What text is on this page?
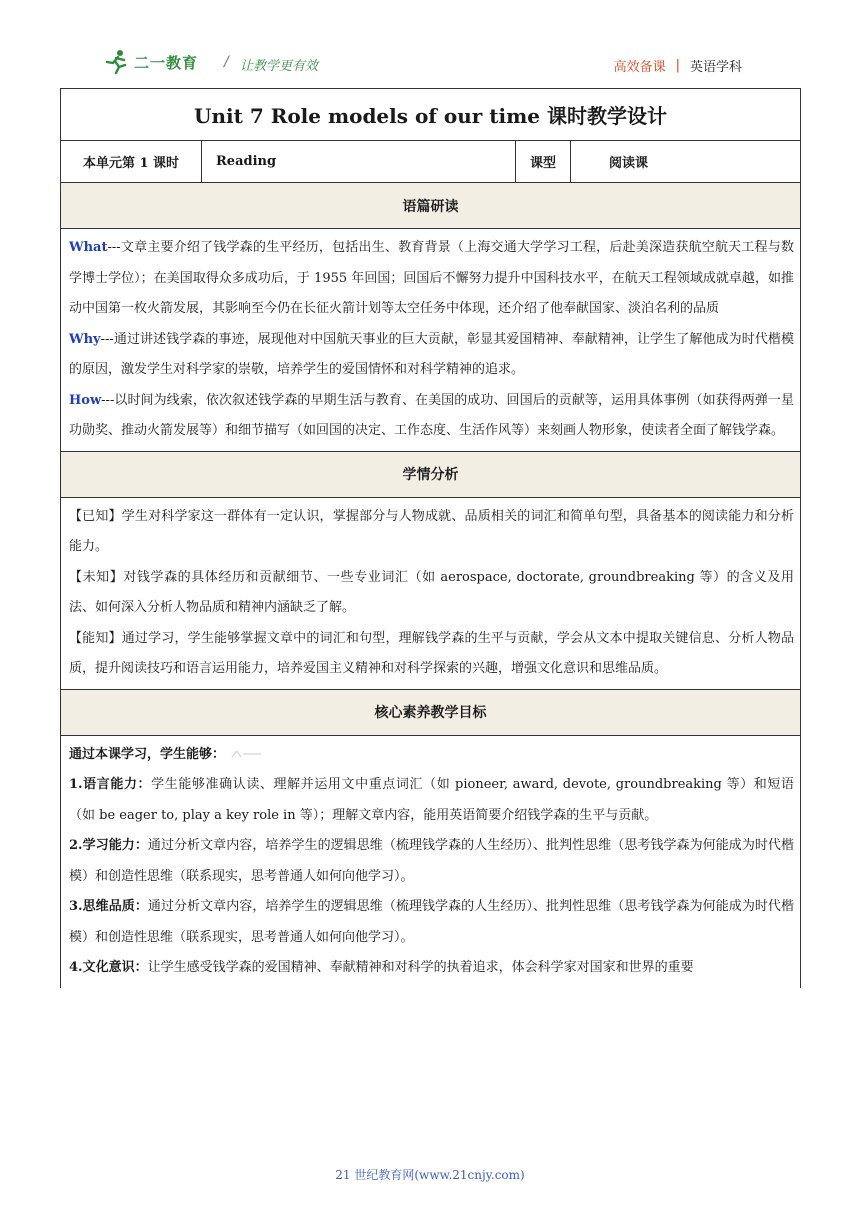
二一教育 / 让教学更有效	高效备课 | 英语学科
Unit 7 Role models of our time 课时教学设计
本单元第 1 课时	Reading	课型	阅读课
语篇研读

What---文章主要介绍了钱学森的生平经历，包括出生、教育背景（上海交通大学学习工程，后赴美深造获航空航天工程与数学博士学位）；在美国取得众多成功后，于 1955 年回国；回国后不懈努力提升中国科技水平，在航天工程领域成就卓越，如推动中国第一枚火箭发展，其影响至今仍在长征火箭计划等太空任务中体现，还介绍了他奉献国家、淡泊名利的品质

Why---通过讲述钱学森的事迹，展现他对中国航天事业的巨大贡献，彰显其爱国精神、奉献精神，让学生了解他成为时代楷模的原因，激发学生对科学家的崇敬，培养学生的爱国情怀和对科学精神的追求。

How---以时间为线索，依次叙述钱学森的早期生活与教育、在美国的成功、回国后的贡献等，运用具体事例（如获得两弹一星功勋奖、推动火箭发展等）和细节描写（如回国的决定、工作态度、生活作风等）来刻画人物形象，使读者全面了解钱学森。

学情分析

【已知】学生对科学家这一群体有一定认识，掌握部分与人物成就、品质相关的词汇和简单句型，具备基本的阅读能力和分析能力。

【未知】对钱学森的具体经历和贡献细节、一些专业词汇（如 aerospace, doctorate, groundbreaking 等）的含义及用法、如何深入分析人物品质和精神内涵缺乏了解。

【能知】通过学习，学生能够掌握文章中的词汇和句型，理解钱学森的生平与贡献，学会从文本中提取关键信息、分析人物品质，提升阅读技巧和语言运用能力，培养爱国主义精神和对科学探索的兴趣，增强文化意识和思维品质。

核心素养教学目标

通过本课学习，学生能够：

1.语言能力：学生能够准确认读、理解并运用文中重点词汇（如 pioneer, award, devote, groundbreaking 等）和短语（如 be eager to, play a key role in 等）；理解文章内容，能用英语简要介绍钱学森的生平与贡献。

2.学习能力：通过分析文章内容，培养学生的逻辑思维（梳理钱学森的人生经历）、批判性思维（思考钱学森为何能成为时代楷模）和创造性思维（联系现实，思考普通人如何向他学习）。

3.思维品质：通过分析文章内容，培养学生的逻辑思维（梳理钱学森的人生经历）、批判性思维（思考钱学森为何能成为时代楷模）和创造性思维（联系现实，思考普通人如何向他学习）。

4.文化意识：让学生感受钱学森的爱国精神、奉献精神和对科学的执着追求，体会科学家对国家和世界的重要

21 世纪教育网(www.21cnjy.com)
